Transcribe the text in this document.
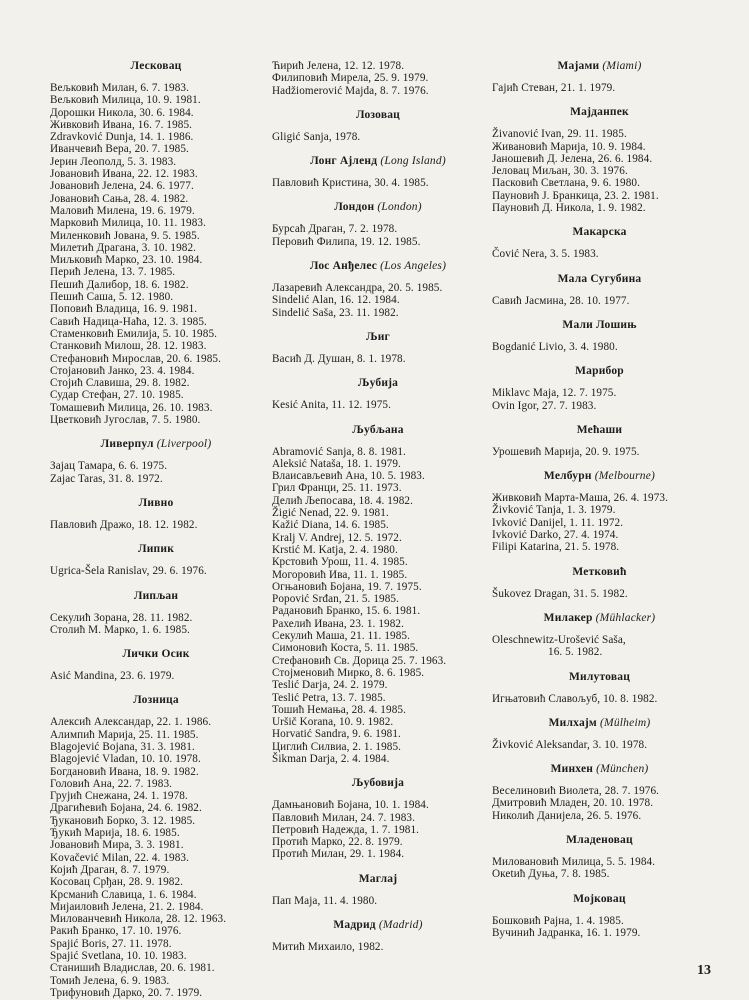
Лесковац
Вељковић Милан, 6. 7. 1983.
Вељковић Милица, 10. 9. 1981.
Дорошки Никола, 30. 6. 1984.
Живковић Ивана, 16. 7. 1985.
Zdravković Dunja, 14. 1. 1986.
Иванчевић Вера, 20. 7. 1985.
Јерин Леополд, 5. 3. 1983.
Јовановић Ивана, 22. 12. 1983.
Јовановић Јелена, 24. 6. 1977.
Јовановић Сања, 28. 4. 1982.
Маловић Милена, 19. 6. 1979.
Марковић Милица, 10. 11. 1983.
Миленковић Јована, 9. 5. 1985.
Милетић Драгана, 3. 10. 1982.
Миљковић Марко, 23. 10. 1984.
Перић Јелена, 13. 7. 1985.
Пешић Далибор, 18. 6. 1982.
Пешић Саша, 5. 12. 1980.
Поповић Владица, 16. 9. 1981.
Савић Надица-Наћа, 12. 3. 1985.
Стаменковић Емилија, 5. 10. 1985.
Станковић Милош, 28. 12. 1983.
Стефановић Мирослав, 20. 6. 1985.
Стојановић Јанко, 23. 4. 1984.
Стојић Славиша, 29. 8. 1982.
Судар Стефан, 27. 10. 1985.
Томашевић Милица, 26. 10. 1983.
Цветковић Југослав, 7. 5. 1980.
Ливерпул (Liverpool)
Зајац Тамара, 6. 6. 1975.
Zajac Taras, 31. 8. 1972.
Ливно
Павловић Дражо, 18. 12. 1982.
Липик
Ugrica-Šela Ranislav, 29. 6. 1976.
Липљан
Секулић Зорана, 28. 11. 1982.
Столић М. Марко, 1. 6. 1985.
Лички Осик
Asić Mandina, 23. 6. 1979.
Лозница
Алексић Александар, 22. 1. 1986.
Алимпић Марија, 25. 11. 1985.
Blagojević Bojana, 31. 3. 1981.
Blagojević Vladan, 10. 10. 1978.
Богдановић Ивана, 18. 9. 1982.
Головић Ана, 22. 7. 1983.
Грујић Снежана, 24. 1. 1978.
Драгићевић Бојана, 24. 6. 1982.
Ђукановић Борко, 3. 12. 1985.
Ђукић Марија, 18. 6. 1985.
Јовановић Мира, 3. 3. 1981.
Kovačević Milan, 22. 4. 1983.
Којић Драган, 8. 7. 1979.
Косовац Срђан, 28. 9. 1982.
Крсманић Славица, 1. 6. 1984.
Мијаиловић Јелена, 21. 2. 1984.
Милованчевић Никола, 28. 12. 1963.
Ракић Бранко, 17. 10. 1976.
Spajić Boris, 27. 11. 1978.
Spajić Svetlana, 10. 10. 1983.
Станишић Владислав, 20. 6. 1981.
Томић Јелена, 6. 9. 1983.
Трифуновић Дарко, 20. 7. 1979.
Ћирић Јелена, 12. 12. 1978.
Филиповић Мирела, 25. 9. 1979.
Hadžiomerović Majda, 8. 7. 1976.
Лозовац
Gligić Sanja, 1978.
Лонг Ајленд (Long Island)
Павловић Кристина, 30. 4. 1985.
Лондон (London)
Бурсаћ Драган, 7. 2. 1978.
Перовић Филипа, 19. 12. 1985.
Лос Анђелес (Los Angeles)
Лазаревић Александра, 20. 5. 1985.
Sindelić Alan, 16. 12. 1984.
Sindelić Saša, 23. 11. 1982.
Љиг
Васић Д. Душан, 8. 1. 1978.
Љубија
Kesić Anita, 11. 12. 1975.
Љубљана
Abramović Sanja, 8. 8. 1981.
Aleksić Nataša, 18. 1. 1979.
Влаисављевић Ана, 10. 5. 1983.
Грил Франци, 25. 11. 1973.
Делић Љепосава, 18. 4. 1982.
Žigić Nenad, 22. 9. 1981.
Kažić Diana, 14. 6. 1985.
Kralj V. Andrej, 12. 5. 1972.
Krstić M. Katja, 2. 4. 1980.
Крстовић Урош, 11. 4. 1985.
Могоровић Ива, 11. 1. 1985.
Огњановић Бојана, 19. 7. 1975.
Popović Srđan, 21. 5. 1985.
Радановић Бранко, 15. 6. 1981.
Рахелић Ивана, 23. 1. 1982.
Секулић Маша, 21. 11. 1985.
Симоновић Коста, 5. 11. 1985.
Стефановић Св. Дорица 25. 7. 1963.
Стојменовић Мирко, 8. 6. 1985.
Teslić Darja, 24. 2. 1979.
Teslić Petra, 13. 7. 1985.
Тошић Немања, 28. 4. 1985.
Uršič Korana, 10. 9. 1982.
Horvatić Sandra, 9. 6. 1981.
Циглић Силвиа, 2. 1. 1985.
Šikman Darja, 2. 4. 1984.
Љубовија
Дамњановић Бојана, 10. 1. 1984.
Павловић Милан, 24. 7. 1983.
Петровић Надежда, 1. 7. 1981.
Протић Марко, 22. 8. 1979.
Протић Милан, 29. 1. 1984.
Маглај
Пап Маја, 11. 4. 1980.
Мадрид (Madrid)
Митић Михаило, 1982.
Мајами (Miami)
Гајић Стеван, 21. 1. 1979.
Мајданпек
Živanović Ivan, 29. 11. 1985.
Живановић Марија, 10. 9. 1984.
Јаношевић Д. Јелена, 26. 6. 1984.
Јеловац Миљан, 30. 3. 1976.
Пасковић Светлана, 9. 6. 1980.
Пауновић Ј. Бранкица, 23. 2. 1981.
Пауновић Д. Никола, 1. 9. 1982.
Макарска
Čović Nera, 3. 5. 1983.
Мала Сугубина
Савић Јасмина, 28. 10. 1977.
Мали Лошињ
Bogdanić Livio, 3. 4. 1980.
Марибор
Miklavc Maja, 12. 7. 1975.
Ovin Igor, 27. 7. 1983.
Мећаши
Урошевић Марија, 20. 9. 1975.
Мелбурн (Melbourne)
Живковић Марта-Маша, 26. 4. 1973.
Živković Tanja, 1. 3. 1979.
Ivković Danijel, 1. 11. 1972.
Ivković Darko, 27. 4. 1974.
Filipi Katarina, 21. 5. 1978.
Метковић
Šukovez Dragan, 31. 5. 1982.
Милакер (Mühlacker)
Oleschnewitz-Urošević Saša,
16. 5. 1982.
Милутовац
Игњатовић Славољуб, 10. 8. 1982.
Милхајм (Mülheim)
Živković Aleksandar, 3. 10. 1978.
Минхен (München)
Веселиновић Виолета, 28. 7. 1976.
Дмитровић Младен, 20. 10. 1978.
Николић Данијела, 26. 5. 1976.
Младеновац
Миловановић Милица, 5. 5. 1984.
Океtић Дуња, 7. 8. 1985.
Мојковац
Бошковић Рајна, 1. 4. 1985.
Вучинић Јадранка, 16. 1. 1979.
13
